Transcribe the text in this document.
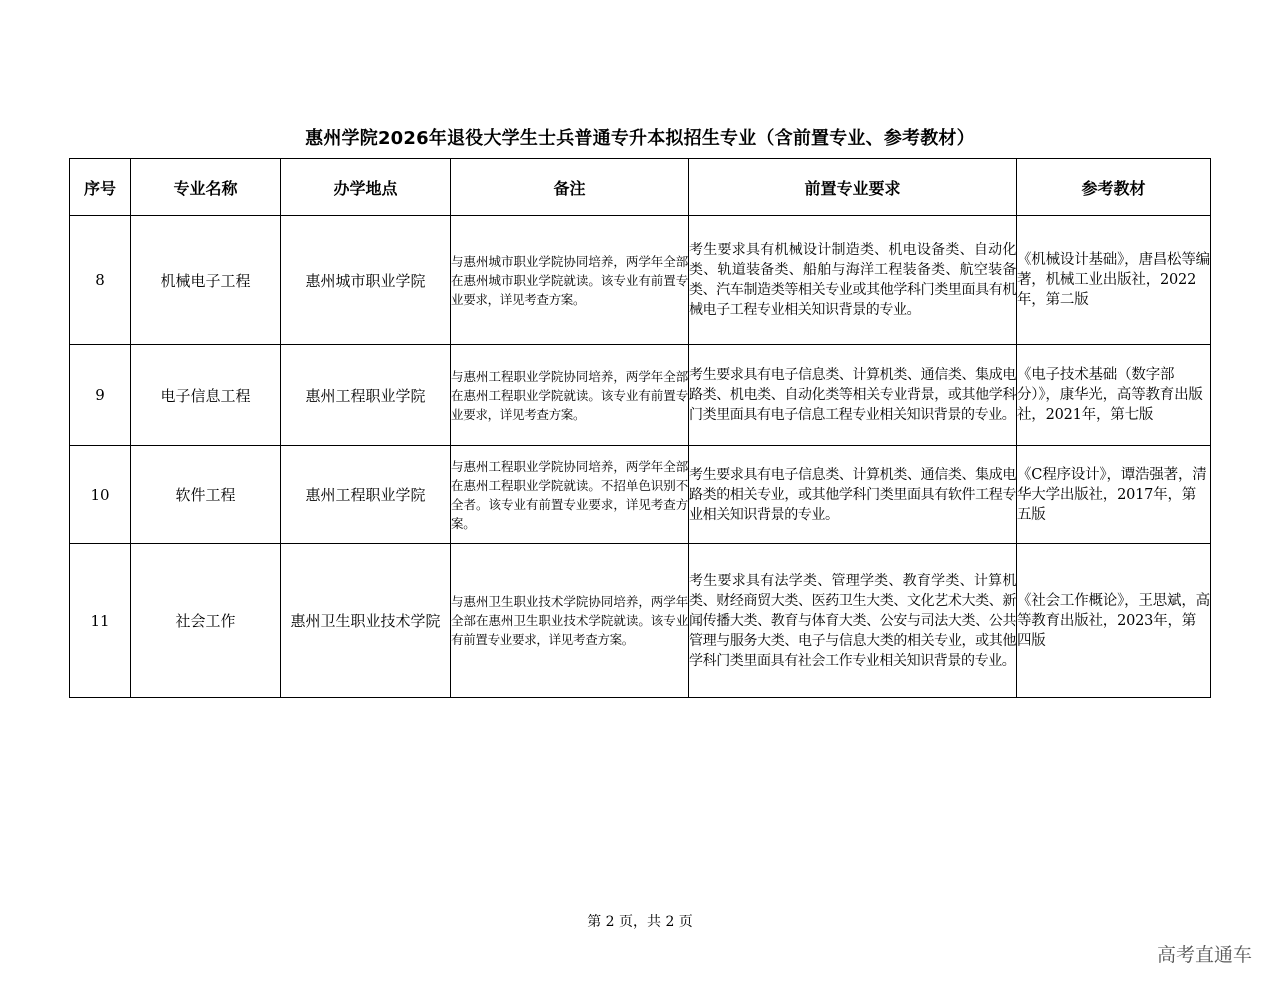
惠州学院2026年退役大学生士兵普通专升本拟招生专业（含前置专业、参考教材）
序号	专业名称	办学地点	备注	前置专业要求	参考教材
8	机械电子工程	惠州城市职业学院	与惠州城市职业学院协同培养，两学年全部在惠州城市职业学院就读。该专业有前置专业要求，详见考查方案。	考生要求具有机械设计制造类、机电设备类、自动化类、轨道装备类、船舶与海洋工程装备类、航空装备类、汽车制造类等相关专业或其他学科门类里面具有机械电子工程专业相关知识背景的专业。	《机械设计基础》，唐昌松等编著，机械工业出版社，2022年，第二版
9	电子信息工程	惠州工程职业学院	与惠州工程职业学院协同培养，两学年全部在惠州工程职业学院就读。该专业有前置专业要求，详见考查方案。	考生要求具有电子信息类、计算机类、通信类、集成电路类、机电类、自动化类等相关专业背景，或其他学科门类里面具有电子信息工程专业相关知识背景的专业。	《电子技术基础（数字部分）》，康华光，高等教育出版社，2021年，第七版
10	软件工程	惠州工程职业学院	与惠州工程职业学院协同培养，两学年全部在惠州工程职业学院就读。不招单色识别不全者。该专业有前置专业要求，详见考查方案。	考生要求具有电子信息类、计算机类、通信类、集成电路类的相关专业，或其他学科门类里面具有软件工程专业相关知识背景的专业。	《C程序设计》，谭浩强著，清华大学出版社，2017年，第五版
11	社会工作	惠州卫生职业技术学院	与惠州卫生职业技术学院协同培养，两学年全部在惠州卫生职业技术学院就读。该专业有前置专业要求，详见考查方案。	考生要求具有法学类、管理学类、教育学类、计算机类、财经商贸大类、医药卫生大类、文化艺术大类、新闻传播大类、教育与体育大类、公安与司法大类、公共管理与服务大类、电子与信息大类的相关专业，或其他学科门类里面具有社会工作专业相关知识背景的专业。	《社会工作概论》，王思斌，高等教育出版社，2023年，第四版
第 2 页，共 2 页
高考直通车
